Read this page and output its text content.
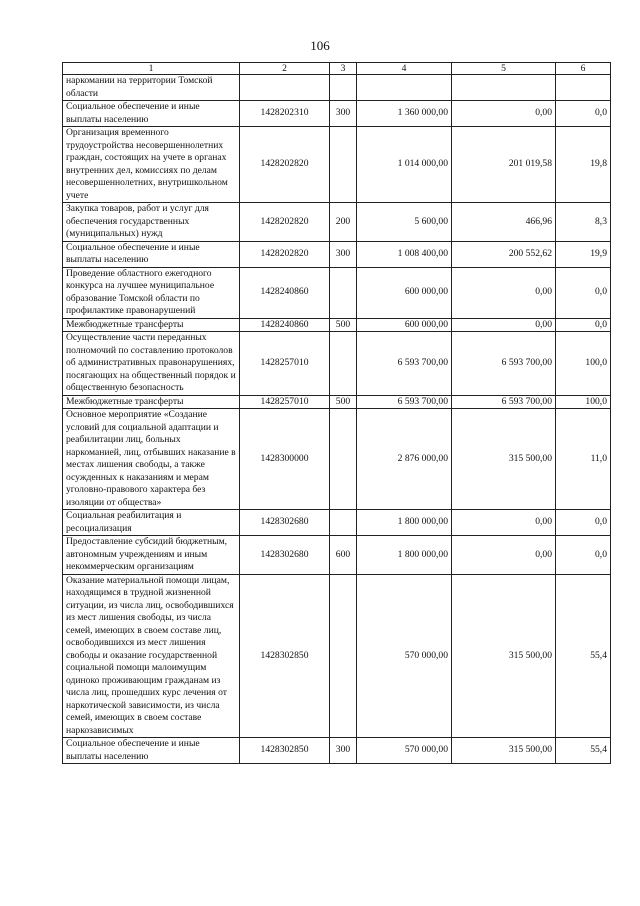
106
1	2	3	4	5	6
наркомании на территории Томской области					
Социальное обеспечение и иные выплаты населению	1428202310	300	1 360 000,00	0,00	0,0
Организация временного трудоустройства несовершеннолетних граждан, состоящих на учете в органах внутренних дел, комиссиях по делам несовершеннолетних, внутришкольном учете	1428202820		1 014 000,00	201 019,58	19,8
Закупка товаров, работ и услуг для обеспечения государственных (муниципальных) нужд	1428202820	200	5 600,00	466,96	8,3
Социальное обеспечение и иные выплаты населению	1428202820	300	1 008 400,00	200 552,62	19,9
Проведение областного ежегодного конкурса на лучшее муниципальное образование Томской области по профилактике правонарушений	1428240860		600 000,00	0,00	0,0
Межбюджетные трансферты	1428240860	500	600 000,00	0,00	0,0
Осуществление части переданных полномочий по составлению протоколов об административных правонарушениях, посягающих на общественный порядок и общественную безопасность	1428257010		6 593 700,00	6 593 700,00	100,0
Межбюджетные трансферты	1428257010	500	6 593 700,00	6 593 700,00	100,0
Основное мероприятие «Создание условий для социальной адаптации и реабилитации лиц, больных наркоманией, лиц, отбывших наказание в местах лишения свободы, а также осужденных к наказаниям и мерам уголовно-правового характера без изоляции от общества»	1428300000		2 876 000,00	315 500,00	11,0
Социальная реабилитация и ресоциализация	1428302680		1 800 000,00	0,00	0,0
Предоставление субсидий бюджетным, автономным учреждениям и иным некоммерческим организациям	1428302680	600	1 800 000,00	0,00	0,0
Оказание материальной помощи лицам, находящимся в трудной жизненной ситуации, из числа лиц, освободившихся из мест лишения свободы, из числа семей, имеющих в своем составе лиц, освободившихся из мест лишения свободы и оказание государственной социальной помощи малоимущим одиноко проживающим гражданам из числа лиц, прошедших курс лечения от наркотической зависимости, из числа семей, имеющих в своем составе наркозависимых	1428302850		570 000,00	315 500,00	55,4
Социальное обеспечение и иные выплаты населению	1428302850	300	570 000,00	315 500,00	55,4
